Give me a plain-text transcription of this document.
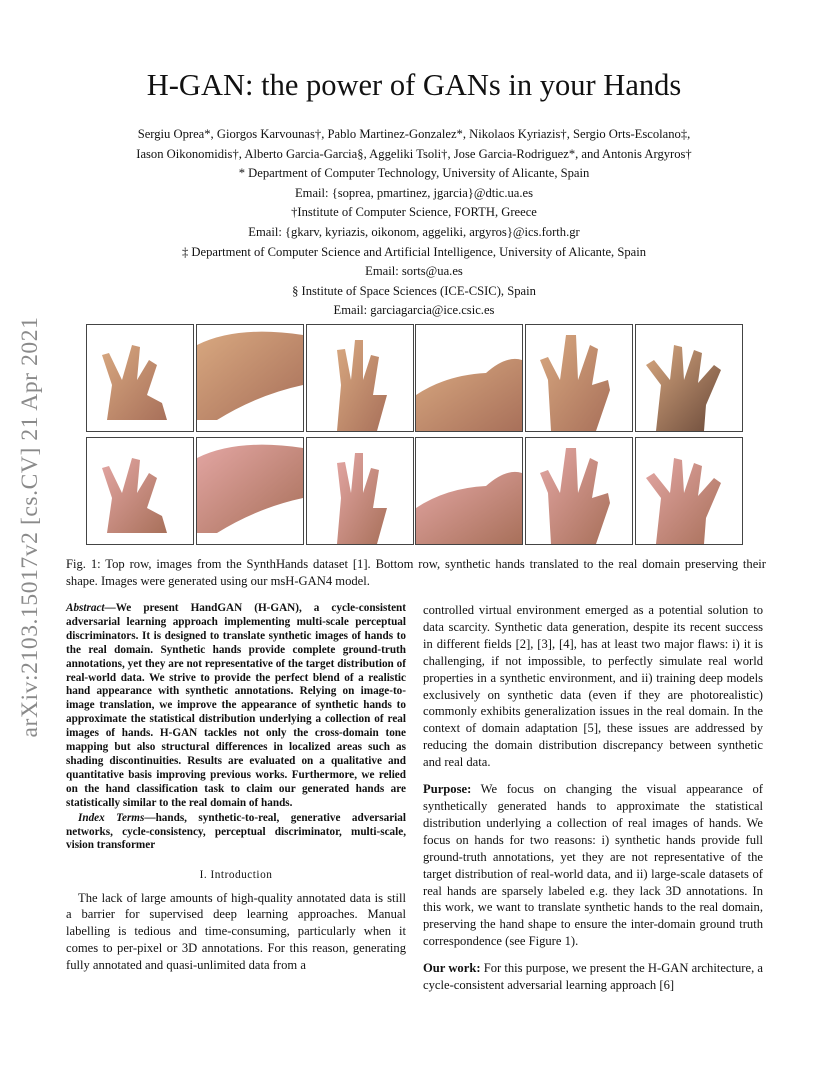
arXiv:2103.15017v2 [cs.CV] 21 Apr 2021
H-GAN: the power of GANs in your Hands
Sergiu Oprea*, Giorgos Karvounas†, Pablo Martinez-Gonzalez*, Nikolaos Kyriazis†, Sergio Orts-Escolano‡,
Iason Oikonomidis†, Alberto Garcia-Garcia§, Aggeliki Tsoli†, Jose Garcia-Rodriguez*, and Antonis Argyros†
* Department of Computer Technology, University of Alicante, Spain
Email: {soprea, pmartinez, jgarcia}@dtic.ua.es
†Institute of Computer Science, FORTH, Greece
Email: {gkarv, kyriazis, oikonom, aggeliki, argyros}@ics.forth.gr
‡ Department of Computer Science and Artificial Intelligence, University of Alicante, Spain
Email: sorts@ua.es
§ Institute of Space Sciences (ICE-CSIC), Spain
Email: garciagarcia@ice.csic.es
Fig. 1: Top row, images from the SynthHands dataset [1]. Bottom row, synthetic hands translated to the real domain preserving their shape. Images were generated using our msH-GAN4 model.
Abstract—We present HandGAN (H-GAN), a cycle-consistent adversarial learning approach implementing multi-scale perceptual discriminators. It is designed to translate synthetic images of hands to the real domain. Synthetic hands provide complete ground-truth annotations, yet they are not representative of the target distribution of real-world data. We strive to provide the perfect blend of a realistic hand appearance with synthetic annotations. Relying on image-to-image translation, we improve the appearance of synthetic hands to approximate the statistical distribution underlying a collection of real images of hands. H-GAN tackles not only the cross-domain tone mapping but also structural differences in localized areas such as shading discontinuities. Results are evaluated on a qualitative and quantitative basis improving previous works. Furthermore, we relied on the hand classification task to claim our generated hands are statistically similar to the real domain of hands.
Index Terms—hands, synthetic-to-real, generative adversarial networks, cycle-consistency, perceptual discriminator, multi-scale, vision transformer
I. Introduction
The lack of large amounts of high-quality annotated data is still a barrier for supervised deep learning approaches. Manual labelling is tedious and time-consuming, particularly when it comes to per-pixel or 3D annotations. For this reason, generating fully annotated and quasi-unlimited data from a
controlled virtual environment emerged as a potential solution to data scarcity. Synthetic data generation, despite its recent success in different fields [2], [3], [4], has at least two major flaws: i) it is challenging, if not impossible, to perfectly simulate real world properties in a synthetic environment, and ii) training deep models exclusively on synthetic data (even if they are photorealistic) commonly exhibits generalization issues in the real domain. In the context of domain adaptation [5], these issues are addressed by reducing the domain distribution discrepancy between synthetic and real data.
Purpose: We focus on changing the visual appearance of synthetically generated hands to approximate the statistical distribution underlying a collection of real images of hands. We focus on hands for two reasons: i) synthetic hands provide full ground-truth annotations, yet they are not representative of the target distribution of real-world data, and ii) large-scale datasets of real hands are sparsely labeled e.g. they lack 3D annotations. In this work, we want to translate synthetic hands to the real domain, preserving the hand shape to ensure the inter-domain ground truth correspondence (see Figure 1).
Our work: For this purpose, we present the H-GAN architecture, a cycle-consistent adversarial learning approach [6]
